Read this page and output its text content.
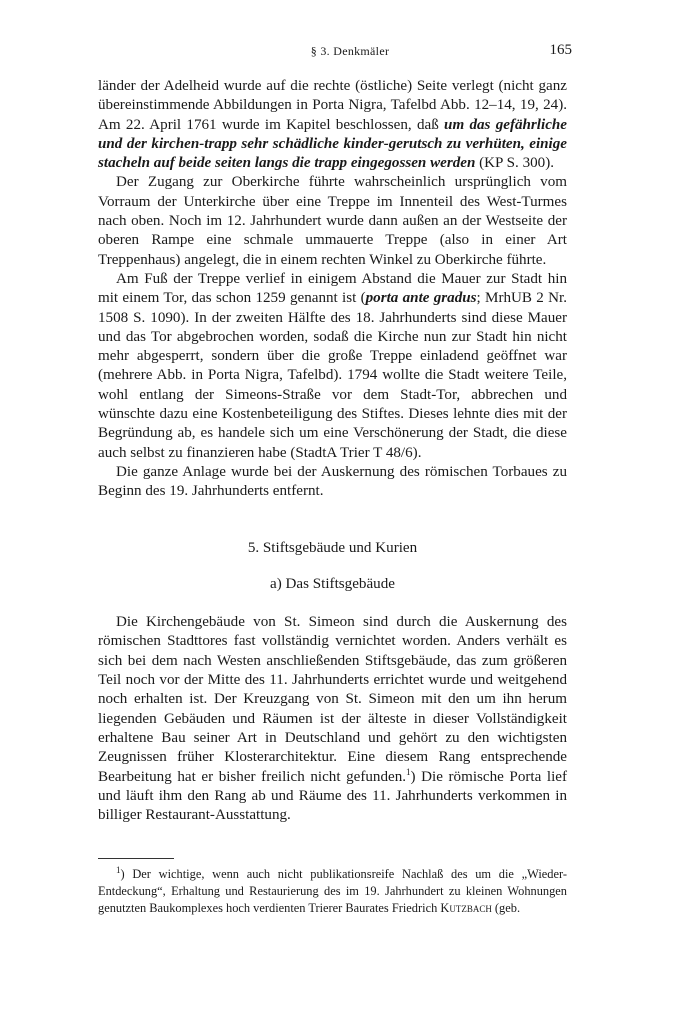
§ 3. Denkmäler	165

länder der Adelheid wurde auf die rechte (östliche) Seite verlegt (nicht ganz übereinstimmende Abbildungen in Porta Nigra, Tafelbd Abb. 12–14, 19, 24). Am 22. April 1761 wurde im Kapitel beschlossen, daß um das gefährliche und der kirchen-trapp sehr schädliche kinder-gerutsch zu verhüten, einige stacheln auf beide seiten langs die trapp eingegossen werden (KP S. 300).

Der Zugang zur Oberkirche führte wahrscheinlich ursprünglich vom Vorraum der Unterkirche über eine Treppe im Innenteil des West-Turmes nach oben. Noch im 12. Jahrhundert wurde dann außen an der Westseite der oberen Rampe eine schmale ummauerte Treppe (also in einer Art Treppenhaus) angelegt, die in einem rechten Winkel zu Oberkirche führte.

Am Fuß der Treppe verlief in einigem Abstand die Mauer zur Stadt hin mit einem Tor, das schon 1259 genannt ist (porta ante gradus; MrhUB 2 Nr. 1508 S. 1090). In der zweiten Hälfte des 18. Jahrhunderts sind diese Mauer und das Tor abgebrochen worden, sodaß die Kirche nun zur Stadt hin nicht mehr abgesperrt, sondern über die große Treppe einladend geöffnet war (mehrere Abb. in Porta Nigra, Tafelbd). 1794 wollte die Stadt weitere Teile, wohl entlang der Simeons-Straße vor dem Stadt-Tor, abbrechen und wünschte dazu eine Kostenbeteiligung des Stiftes. Dieses lehnte dies mit der Begründung ab, es handele sich um eine Verschönerung der Stadt, die diese auch selbst zu finanzieren habe (StadtA Trier T 48/6).

Die ganze Anlage wurde bei der Auskernung des römischen Torbaues zu Beginn des 19. Jahrhunderts entfernt.

5. Stiftsgebäude und Kurien

a) Das Stiftsgebäude

Die Kirchengebäude von St. Simeon sind durch die Auskernung des römischen Stadttores fast vollständig vernichtet worden. Anders verhält es sich bei dem nach Westen anschließenden Stiftsgebäude, das zum größeren Teil noch vor der Mitte des 11. Jahrhunderts errichtet wurde und weitgehend noch erhalten ist. Der Kreuzgang von St. Simeon mit den um ihn herum liegenden Gebäuden und Räumen ist der älteste in dieser Vollständigkeit erhaltene Bau seiner Art in Deutschland und gehört zu den wichtigsten Zeugnissen früher Klosterarchitektur. Eine diesem Rang entsprechende Bearbeitung hat er bisher freilich nicht gefunden.$^1$) Die römische Porta lief und läuft ihm den Rang ab und Räume des 11. Jahrhunderts verkommen in billiger Restaurant-Ausstattung.

$^1$) Der wichtige, wenn auch nicht publikationsreife Nachlaß des um die „Wieder-Entdeckung“, Erhaltung und Restaurierung des im 19. Jahrhundert zu kleinen Wohnungen genutzten Baukomplexes hoch verdienten Trierer Baurates Friedrich Kutzbach (geb.
